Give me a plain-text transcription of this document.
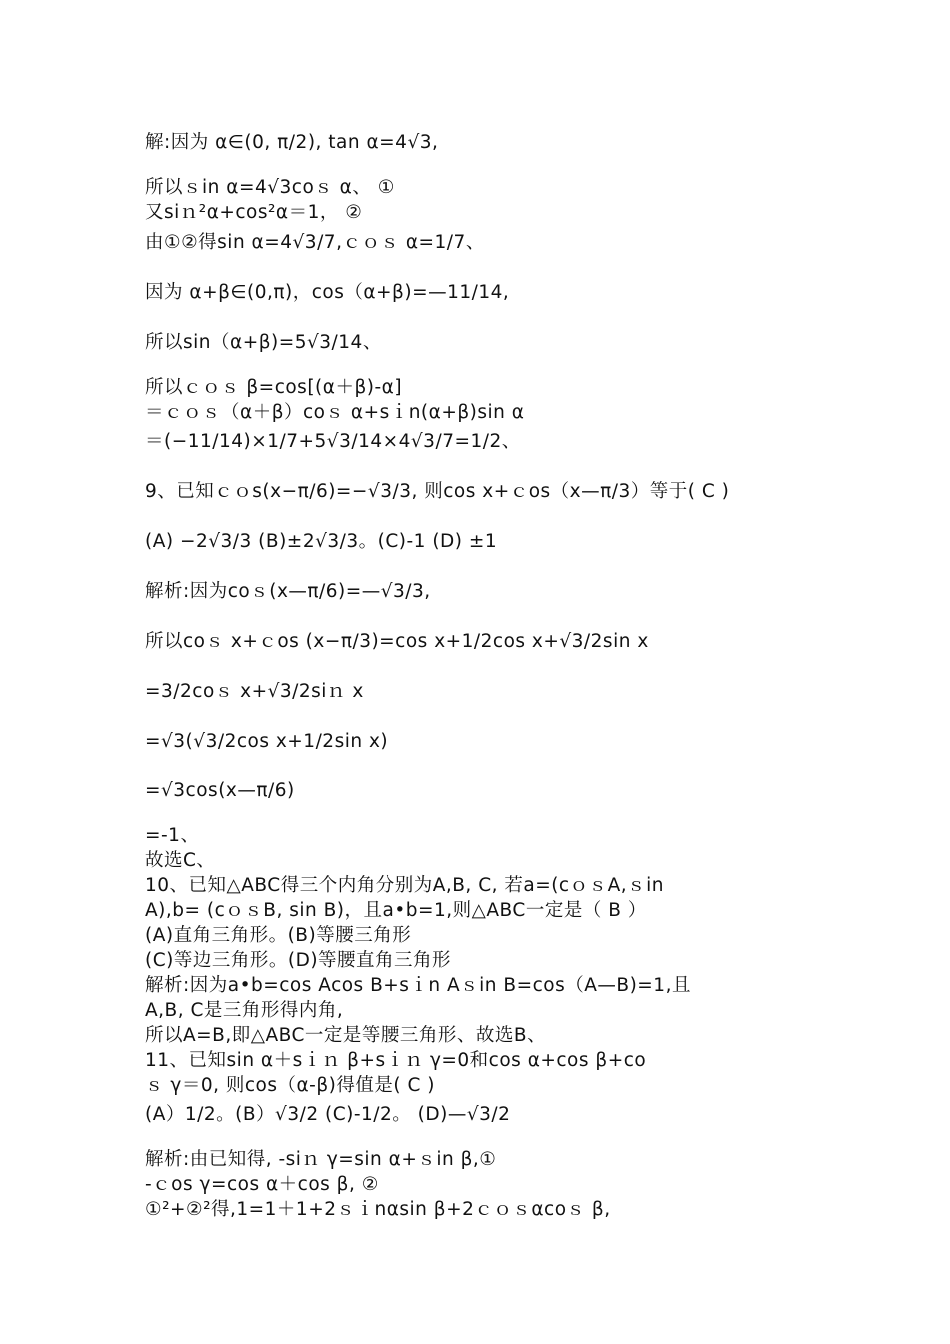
解:因为 α∈(0, π/2), tan α=4√3,
所以ｓin α=4√3coｓ α、 ①
又siｎ²α+cos²α＝1， ②
由①②得sin α=4√3/7,ｃｏｓ α=1/7、
因为 α+β∈(0,π)，cos（α+β)=—11/14,
所以sin（α+β)=5√3/14、
所以ｃｏｓ β=cos[(α＋β)-α]
＝ｃｏｓ（α＋β）coｓ α+sｉn(α+β)sin α
＝(−11/14)×1/7+5√3/14×4√3/7=1/2、
9、已知ｃｏs(x−π/6)=−√3/3, 则cos x+ｃos（x—π/3）等于( C )
(A) −2√3/3 (B)±2√3/3。(C)-1 (D) ±1
解析:因为coｓ(x—π/6)=—√3/3,
所以coｓ x+ｃos (x−π/3)=cos x+1/2cos x+√3/2sin x
=3/2coｓ x+√3/2siｎ x
=√3(√3/2cos x+1/2sin x)
=√3cos(x—π/6)
=-1、
故选C、
10、已知△ABC得三个内角分别为A,B, C, 若a=(cｏｓA,ｓin
A),b= (cｏｓB, sin B)，且a•b=1,则△ABC一定是（ B ）
(A)直角三角形。(B)等腰三角形
(C)等边三角形。(D)等腰直角三角形
解析:因为a•b=cos Acos B+sｉn Aｓin B=cos（A—B)=1,且
A,B, C是三角形得内角,
所以A=B,即△ABC一定是等腰三角形、故选B、
11、已知sin α＋sｉｎ β+sｉｎ γ=0和cos α+cos β+co
ｓ γ＝0, 则cos（α-β)得值是( C )
(A）1/2。(B）√3/2 (C)-1/2。 (D)—√3/2
解析:由已知得, -siｎ γ=sin α+ｓin β,①
-ｃos γ=cos α＋cos β, ②
①²+②²得,1=1＋1+2ｓｉnαsin β+2ｃｏｓαcoｓ β,
